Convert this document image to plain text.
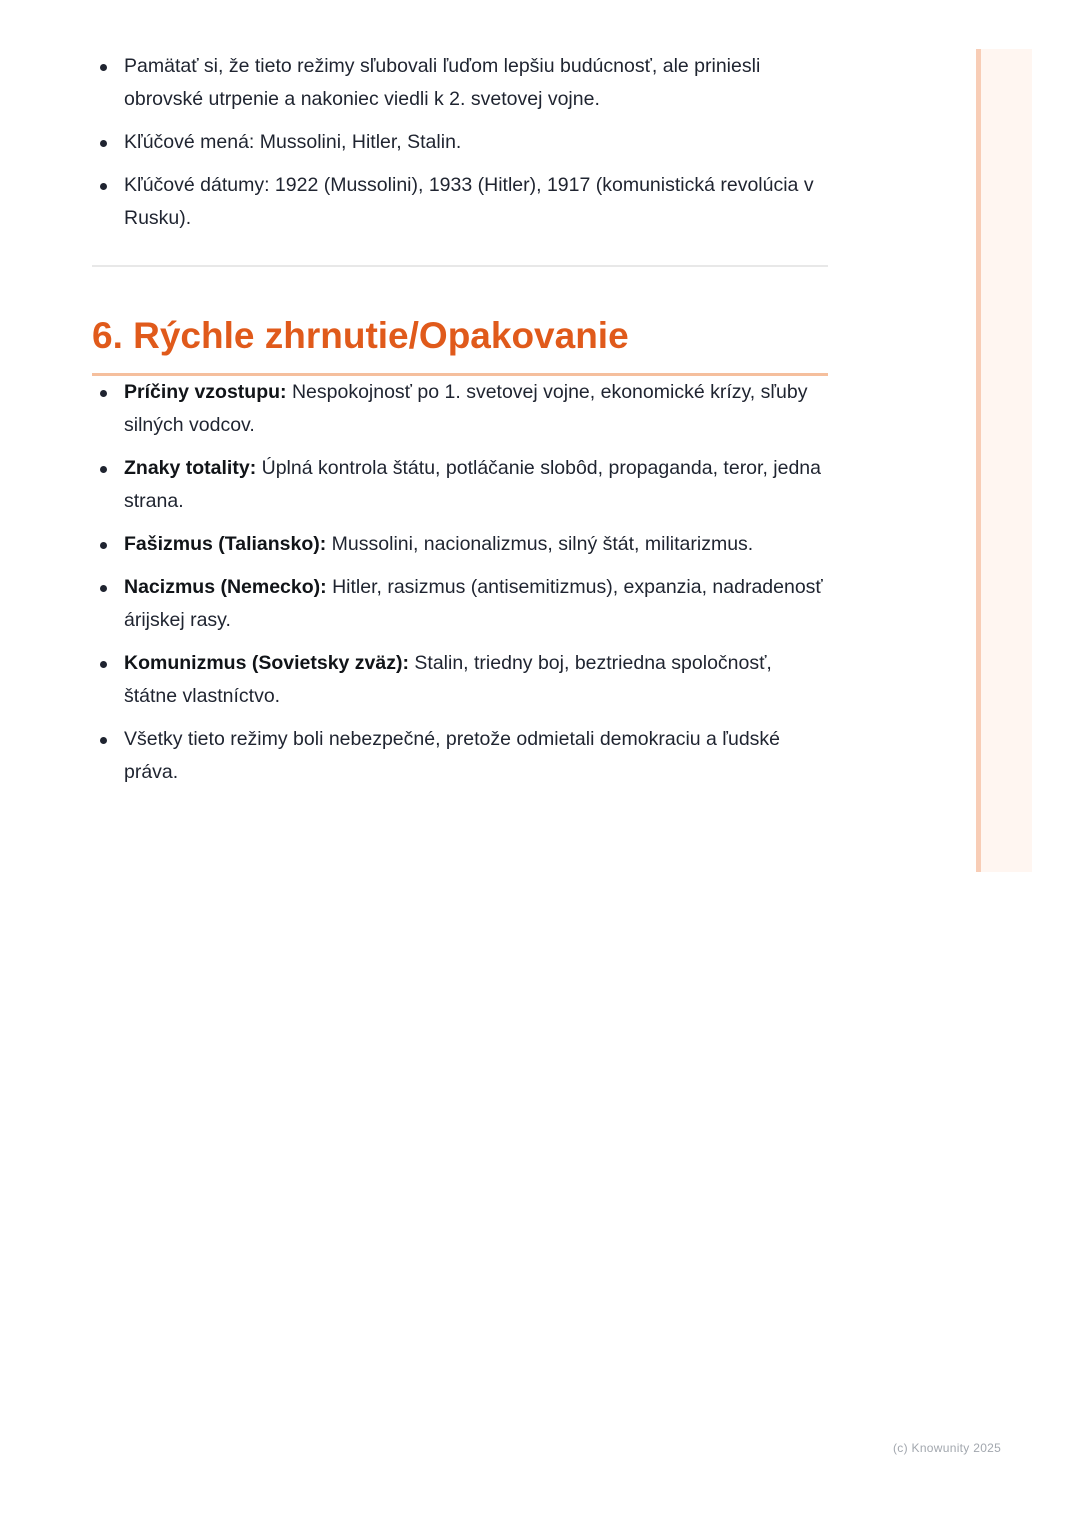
Pamätať si, že tieto režimy sľubovali ľuďom lepšiu budúcnosť, ale priniesli obrovské utrpenie a nakoniec viedli k 2. svetovej vojne.
Kľúčové mená: Mussolini, Hitler, Stalin.
Kľúčové dátumy: 1922 (Mussolini), 1933 (Hitler), 1917 (komunistická revolúcia v Rusku).
6. Rýchle zhrnutie/Opakovanie
Príčiny vzostupu: Nespokojnosť po 1. svetovej vojne, ekonomické krízy, sľuby silných vodcov.
Znaky totality: Úplná kontrola štátu, potláčanie slobôd, propaganda, teror, jedna strana.
Fašizmus (Taliansko): Mussolini, nacionalizmus, silný štát, militarizmus.
Nacizmus (Nemecko): Hitler, rasizmus (antisemitizmus), expanzia, nadradenosť árijskej rasy.
Komunizmus (Sovietsky zväz): Stalin, triedny boj, beztriedna spoločnosť, štátne vlastníctvo.
Všetky tieto režimy boli nebezpečné, pretože odmietali demokraciu a ľudské práva.
(c) Knowunity 2025
